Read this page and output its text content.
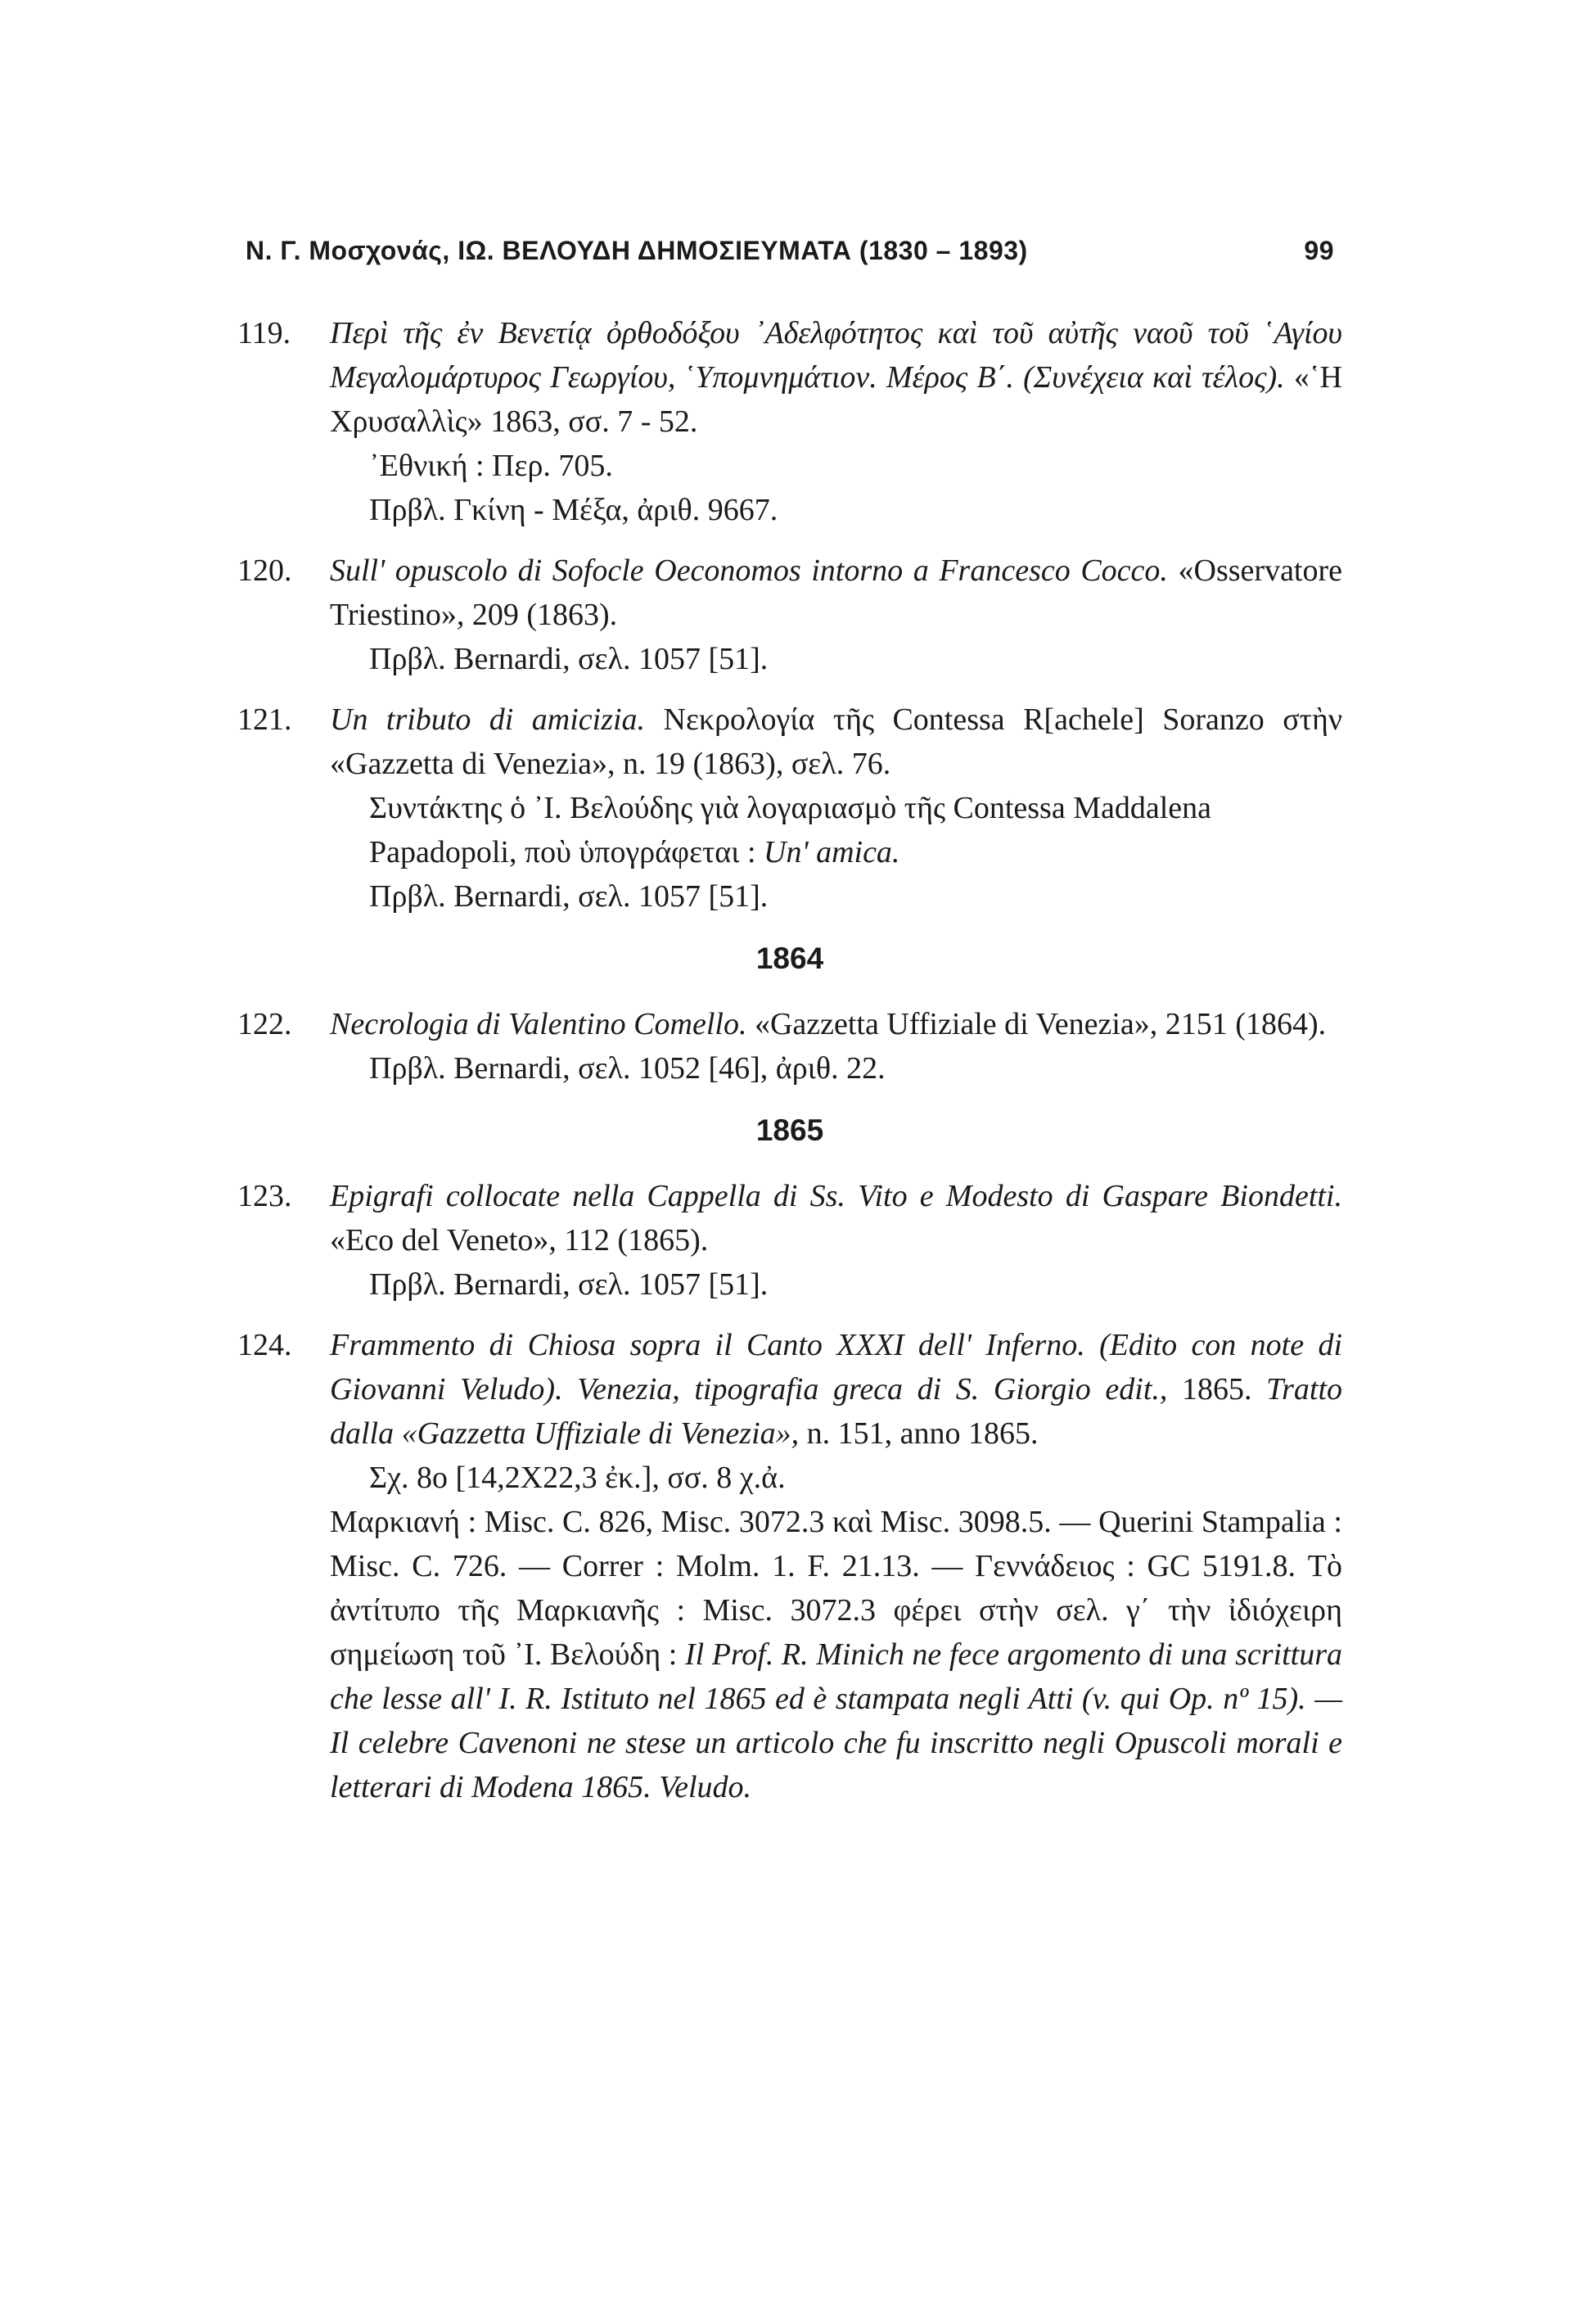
Ν. Γ. Μοσχονάς, ΙΩ. ΒΕΛΟΥΔΗ ΔΗΜΟΣΙΕΥΜΑΤΑ (1830 – 1893)	99
119. Περὶ τῆς ἐν Βενετίᾳ ὀρθοδόξου ᾿Αδελφότητος καὶ τοῦ αὐτῆς ναοῦ τοῦ ῾Αγίου Μεγαλομάρτυρος Γεωργίου, ῾Υπομνημάτιον. Μέρος Β΄. (Συνέχεια καὶ τέλος). «῾Η Χρυσαλλὶς» 1863, σσ. 7 - 52.

᾿Εθνική : Περ. 705.

Πρβλ. Γκίνη - Μέξα, ἀριθ. 9667.

120. Sull' opuscolo di Sofocle Oeconomos intorno a Francesco Cocco. «Osservatore Triestino», 209 (1863).

Πρβλ. Bernardi, σελ. 1057 [51].

121. Un tributo di amicizia. Νεκρολογία τῆς Contessa R[achele] Soranzo στὴν «Gazzetta di Venezia», n. 19 (1863), σελ. 76.

Συντάκτης ὁ ᾿Ι. Βελούδης γιὰ λογαριασμὸ τῆς Contessa Maddalena Papadopoli, ποὺ ὑπογράφεται : Un' amica.

Πρβλ. Bernardi, σελ. 1057 [51].

1864
122. Necrologia di Valentino Comello. «Gazzetta Uffiziale di Venezia», 2151 (1864).

Πρβλ. Bernardi, σελ. 1052 [46], ἀριθ. 22.

1865
123. Epigrafi collocate nella Cappella di Ss. Vito e Modesto di Gaspare Biondetti. «Eco del Veneto», 112 (1865).

Πρβλ. Bernardi, σελ. 1057 [51].

124. Frammento di Chiosa sopra il Canto XXXI dell' Inferno. (Edito con note di Giovanni Veludo). Venezia, tipografia greca di S. Giorgio edit., 1865. Tratto dalla «Gazzetta Uffiziale di Venezia», n. 151, anno 1865.

Σχ. 8ο [14,2Χ22,3 ἐκ.], σσ. 8 χ.ἀ.

Μαρκιανή : Misc. C. 826, Misc. 3072.3 καὶ Misc. 3098.5. — Querini Stampalia : Misc. C. 726. — Correr : Molm. 1. F. 21.13. — Γεννάδειος : GC 5191.8. Τὸ ἀντίτυπο τῆς Μαρκιανῆς : Misc. 3072.3 φέρει στὴν σελ. γ΄ τὴν ἰδιόχειρη σημείωση τοῦ ᾿Ι. Βελούδη : Il Prof. R. Minich ne fece argomento di una scrittura che lesse all' I. R. Istituto nel 1865 ed è stampata negli Atti (v. qui Op. nº 15). — Il celebre Cavenoni ne stese un articolo che fu inscritto negli Opuscoli morali e letterari di Modena 1865. Veludo.
